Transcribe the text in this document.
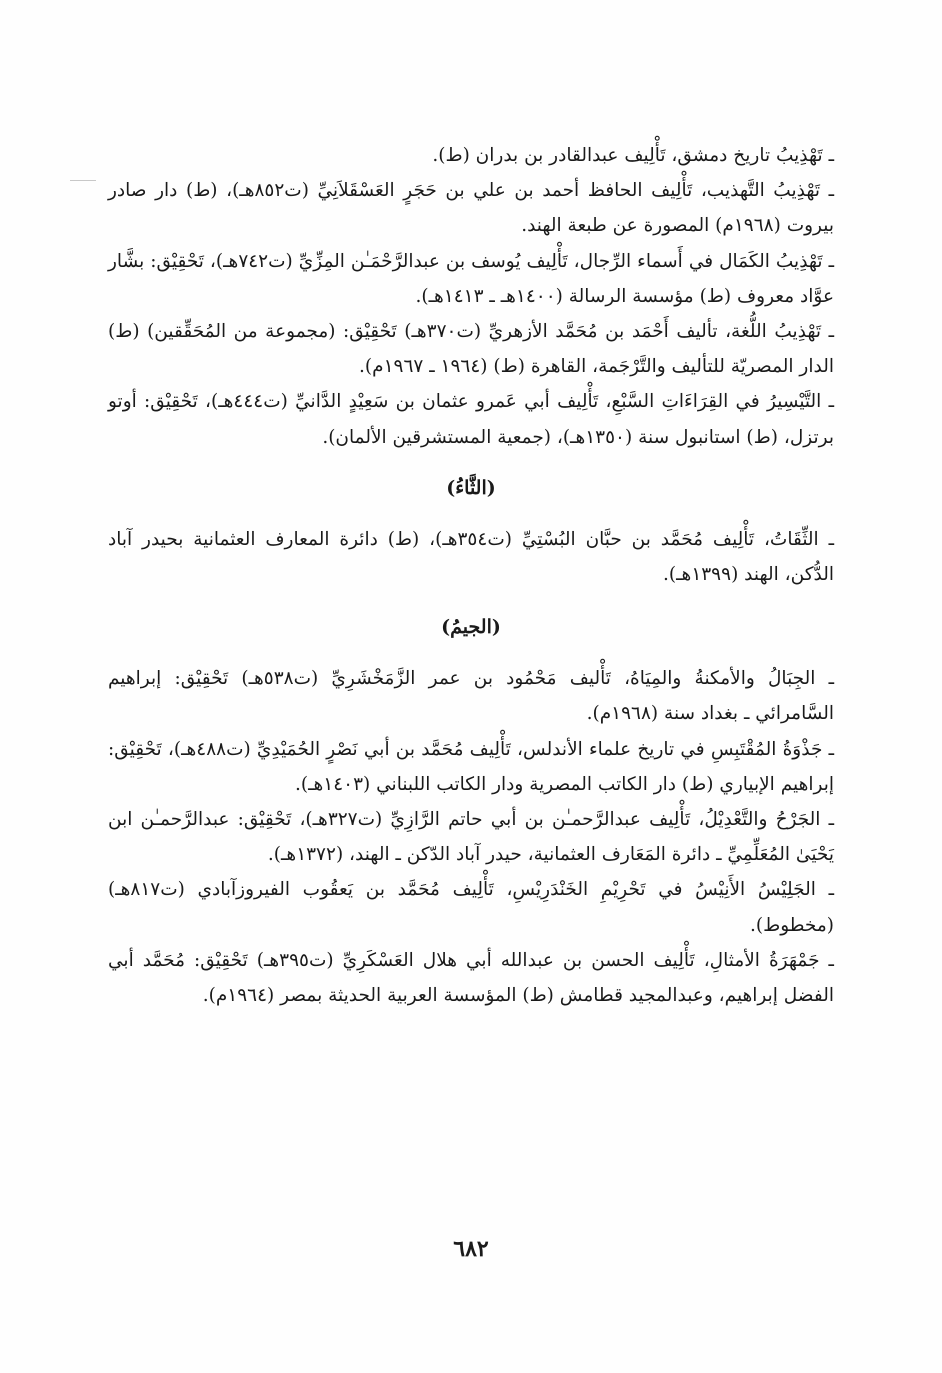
ـ تَهْذِيبُ تاريخ دمشق، تَأْلِيف عبدالقادر بن بدران (ط).

ـ تَهْذِيبُ التَّهذيب، تَأْلِيف الحافظ أحمد بن علي بن حَجَرٍ العَسْقَلاَنِيِّ (ت٨٥٢هـ)، (ط) دار صادر بيروت (١٩٦٨م) المصورة عن طبعة الهند.

ـ تَهْذِيبُ الكَمَال في أَسماء الرِّجال، تَأْلِيف يُوسف بن عبدالرَّحْمَـٰن المِزِّيِّ (ت٧٤٢هـ)، تَحْقِيْق: بشَّار عوَّاد معروف (ط) مؤسسة الرسالة (١٤٠٠هـ ـ ١٤١٣هـ).

ـ تَهْذِيبُ اللُّغة، تأليف أَحْمَد بن مُحَمَّد الأزهريِّ (ت٣٧٠هـ) تَحْقِيْق: (مجموعة من المُحَقِّقين) (ط) الدار المصريّة للتأليف والتَّرْجَمة، القاهرة (ط) (١٩٦٤ ـ ١٩٦٧م).

ـ التَّيْسِيرُ في القِرَاءَاتِ السَّبْعِ، تَأْلِيف أبي عَمرو عثمان بن سَعِيْدٍ الدَّانيِّ (ت٤٤٤هـ)، تَحْقِيْق: أوتو برتزل، (ط) استانبول سنة (١٣٥٠هـ)، (جمعية المستشرقين الألمان).

(الثَّاءُ)

ـ الثِّقَاتُ، تَأْلِيف مُحَمَّد بن حبَّان البُسْتِيِّ (ت٣٥٤هـ)، (ط) دائرة المعارف العثمانية بحيدر آباد الدُّكن، الهند (١٣٩٩هـ).

(الجيمُ)

ـ الجِبَالُ والأمكنةُ والمِيَاهُ، تَأْليف مَحْمُود بن عمر الزَّمَخْشَرِيِّ (ت٥٣٨هـ) تَحْقِيْق: إبراهيم السَّامرائي ـ بغداد سنة (١٩٦٨م).

ـ جَذْوَةُ المُقْتَبِسِ في تاريخ علماء الأندلس، تَأْلِيف مُحَمَّد بن أبي نَصْرٍ الحُمَيْدِيِّ (ت٤٨٨هـ)، تَحْقِيْق: إبراهيم الإبياري (ط) دار الكاتب المصرية ودار الكاتب اللبناني (١٤٠٣هـ).

ـ الجَرْحُ والتَّعْدِيْلُ، تَأْلِيف عبدالرَّحمـٰن بن أبي حاتم الرَّازِيِّ (ت٣٢٧هـ)، تَحْقِيْق: عبدالرَّحمـٰن ابن يَحْيَىٰ المُعَلِّمِيِّ ـ دائرة المَعَارف العثمانية، حيدر آباد الدّكن ـ الهند، (١٣٧٢هـ).

ـ الجَلِيْسُ الأَنِيْسُ في تَحْرِيْمِ الخَنْدَرِيْسِ، تَأْلِيف مُحَمَّد بن يَعقُوب الفيروزآبادي (ت٨١٧هـ) (مخطوط).

ـ جَمْهَرَةُ الأمثالِ، تَأْلِيف الحسن بن عبدالله أبي هلال العَسْكَرِيِّ (ت٣٩٥هـ) تَحْقِيْق: مُحَمَّد أبي الفضل إبراهيم، وعبدالمجيد قطامش (ط) المؤسسة العربية الحديثة بمصر (١٩٦٤م).

٦٨٢
